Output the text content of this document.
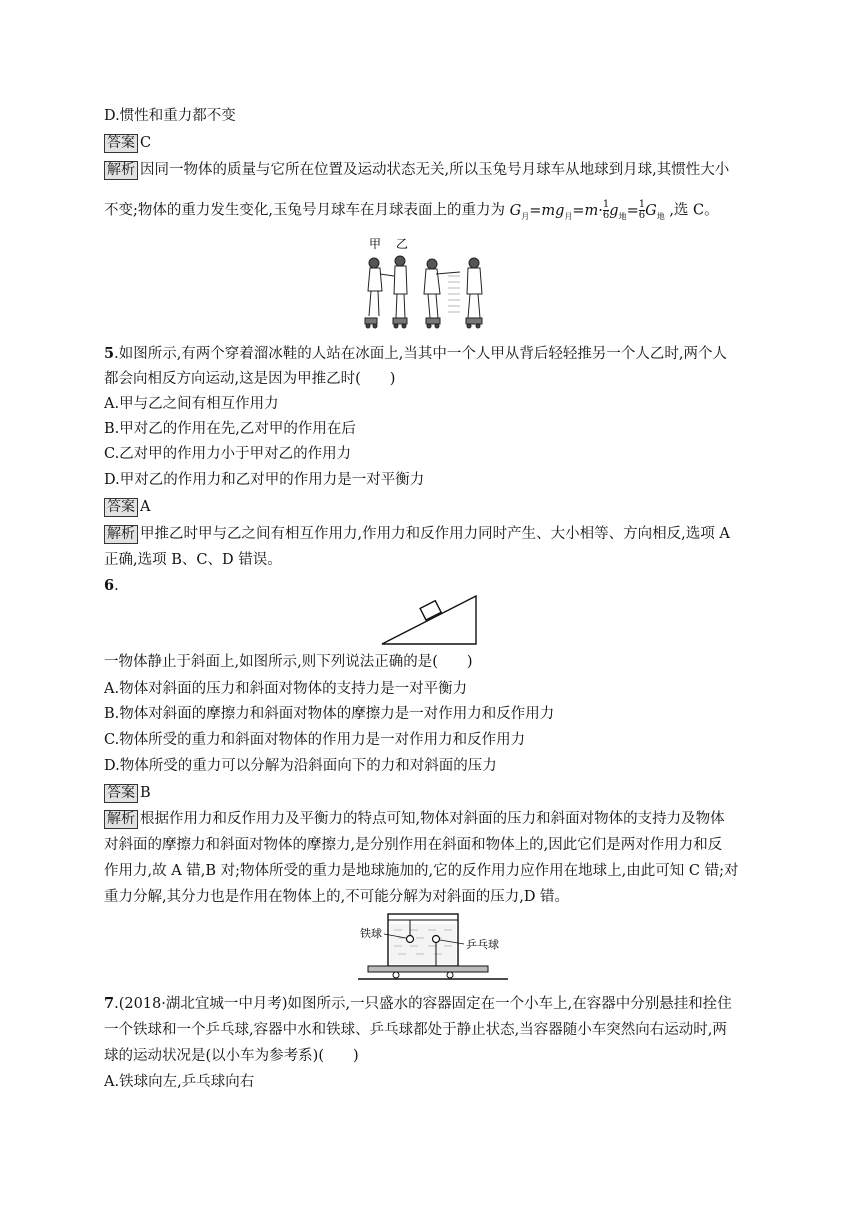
D.惯性和重力都不变
答案 C
解析 因同一物体的质量与它所在位置及运动状态无关,所以玉兔号月球车从地球到月球,其惯性大小
不变;物体的重力发生变化,玉兔号月球车在月球表面上的重力为 $G_月=mg_月=m\cdot \frac{1}{6} g_地= \frac{1}{6} G_地$ ,选 C。
甲 乙
5.如图所示,有两个穿着溜冰鞋的人站在冰面上,当其中一个人甲从背后轻轻推另一个人乙时,两个人
都会向相反方向运动,这是因为甲推乙时(　　)
A.甲与乙之间有相互作用力
B.甲对乙的作用在先,乙对甲的作用在后
C.乙对甲的作用力小于甲对乙的作用力
D.甲对乙的作用力和乙对甲的作用力是一对平衡力
答案 A
解析 甲推乙时甲与乙之间有相互作用力,作用力和反作用力同时产生、大小相等、方向相反,选项 A
正确,选项 B、C、D 错误。
6.
一物体静止于斜面上,如图所示,则下列说法正确的是(　　)
A.物体对斜面的压力和斜面对物体的支持力是一对平衡力
B.物体对斜面的摩擦力和斜面对物体的摩擦力是一对作用力和反作用力
C.物体所受的重力和斜面对物体的作用力是一对作用力和反作用力
D.物体所受的重力可以分解为沿斜面向下的力和对斜面的压力
答案 B
解析 根据作用力和反作用力及平衡力的特点可知,物体对斜面的压力和斜面对物体的支持力及物体
对斜面的摩擦力和斜面对物体的摩擦力,是分别作用在斜面和物体上的,因此它们是两对作用力和反
作用力,故 A 错,B 对;物体所受的重力是地球施加的,它的反作用力应作用在地球上,由此可知 C 错;对
重力分解,其分力也是作用在物体上的,不可能分解为对斜面的压力,D 错。
铁球
乒乓球
7.(2018·湖北宜城一中月考)如图所示,一只盛水的容器固定在一个小车上,在容器中分别悬挂和拴住
一个铁球和一个乒乓球,容器中水和铁球、乒乓球都处于静止状态,当容器随小车突然向右运动时,两
球的运动状况是(以小车为参考系)(　　)
A.铁球向左,乒乓球向右
